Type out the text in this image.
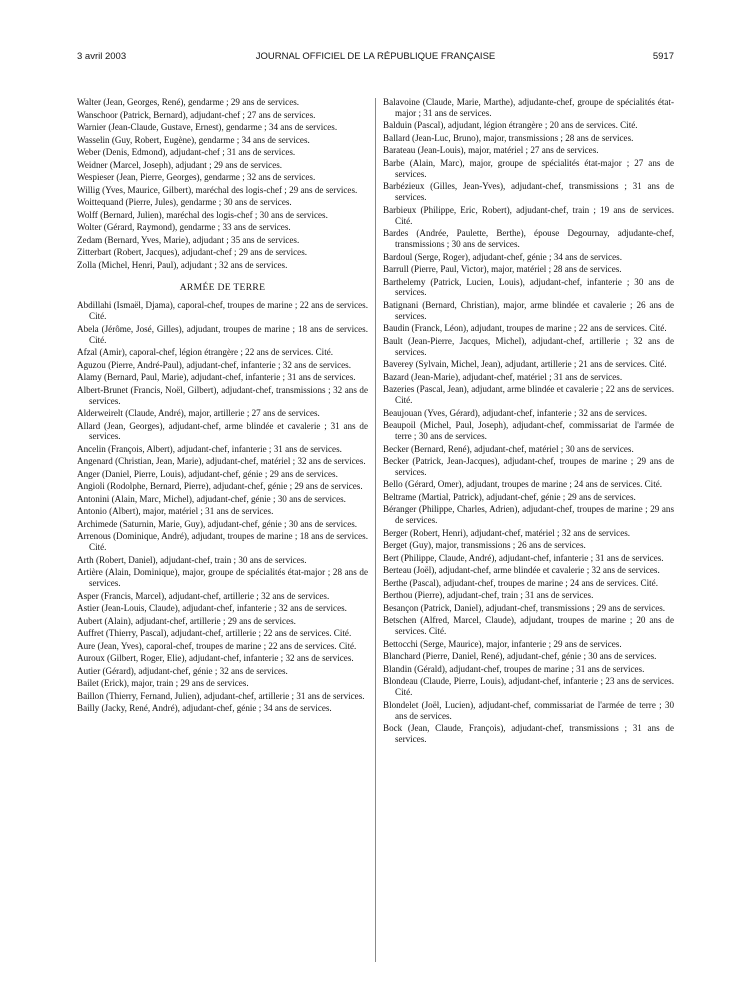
3 avril 2003	JOURNAL OFFICIEL DE LA RÉPUBLIQUE FRANÇAISE	5917

Walter (Jean, Georges, René), gendarme ; 29 ans de services.

Wanschoor (Patrick, Bernard), adjudant-chef ; 27 ans de services.

Warnier (Jean-Claude, Gustave, Ernest), gendarme ; 34 ans de services.

Wasselin (Guy, Robert, Eugène), gendarme ; 34 ans de services.

Weber (Denis, Edmond), adjudant-chef ; 31 ans de services.

Weidner (Marcel, Joseph), adjudant ; 29 ans de services.

Wespieser (Jean, Pierre, Georges), gendarme ; 32 ans de services.

Willig (Yves, Maurice, Gilbert), maréchal des logis-chef ; 29 ans de services.

Woittequand (Pierre, Jules), gendarme ; 30 ans de services.

Wolff (Bernard, Julien), maréchal des logis-chef ; 30 ans de services.

Wolter (Gérard, Raymond), gendarme ; 33 ans de services.

Zedam (Bernard, Yves, Marie), adjudant ; 35 ans de services.

Zitterbart (Robert, Jacques), adjudant-chef ; 29 ans de services.

Zolla (Michel, Henri, Paul), adjudant ; 32 ans de services.

ARMÉE DE TERRE

Abdillahi (Ismaël, Djama), caporal-chef, troupes de marine ; 22 ans de services. Cité.

Abela (Jérôme, José, Gilles), adjudant, troupes de marine ; 18 ans de services. Cité.

Afzal (Amir), caporal-chef, légion étrangère ; 22 ans de services. Cité.

Aguzou (Pierre, André-Paul), adjudant-chef, infanterie ; 32 ans de services.

Alamy (Bernard, Paul, Marie), adjudant-chef, infanterie ; 31 ans de services.

Albert-Brunet (Francis, Noël, Gilbert), adjudant-chef, transmissions ; 32 ans de services.

Alderweirelt (Claude, André), major, artillerie ; 27 ans de services.

Allard (Jean, Georges), adjudant-chef, arme blindée et cavalerie ; 31 ans de services.

Ancelin (François, Albert), adjudant-chef, infanterie ; 31 ans de services.

Angenard (Christian, Jean, Marie), adjudant-chef, matériel ; 32 ans de services.

Anger (Daniel, Pierre, Louis), adjudant-chef, génie ; 29 ans de services.

Angioli (Rodolphe, Bernard, Pierre), adjudant-chef, génie ; 29 ans de services.

Antonini (Alain, Marc, Michel), adjudant-chef, génie ; 30 ans de services.

Antonio (Albert), major, matériel ; 31 ans de services.

Archimede (Saturnin, Marie, Guy), adjudant-chef, génie ; 30 ans de services.

Arrenous (Dominique, André), adjudant, troupes de marine ; 18 ans de services. Cité.

Arth (Robert, Daniel), adjudant-chef, train ; 30 ans de services.

Artière (Alain, Dominique), major, groupe de spécialités état-major ; 28 ans de services.

Asper (Francis, Marcel), adjudant-chef, artillerie ; 32 ans de services.

Astier (Jean-Louis, Claude), adjudant-chef, infanterie ; 32 ans de services.

Aubert (Alain), adjudant-chef, artillerie ; 29 ans de services.

Auffret (Thierry, Pascal), adjudant-chef, artillerie ; 22 ans de services. Cité.

Aure (Jean, Yves), caporal-chef, troupes de marine ; 22 ans de services. Cité.

Auroux (Gilbert, Roger, Elie), adjudant-chef, infanterie ; 32 ans de services.

Autier (Gérard), adjudant-chef, génie ; 32 ans de services.

Bailet (Erick), major, train ; 29 ans de services.

Baillon (Thierry, Fernand, Julien), adjudant-chef, artillerie ; 31 ans de services.

Bailly (Jacky, René, André), adjudant-chef, génie ; 34 ans de services.

Balavoine (Claude, Marie, Marthe), adjudante-chef, groupe de spécialités état-major ; 31 ans de services.

Balduin (Pascal), adjudant, légion étrangère ; 20 ans de services. Cité.

Ballard (Jean-Luc, Bruno), major, transmissions ; 28 ans de services.

Barateau (Jean-Louis), major, matériel ; 27 ans de services.

Barbe (Alain, Marc), major, groupe de spécialités état-major ; 27 ans de services.

Barbézieux (Gilles, Jean-Yves), adjudant-chef, transmissions ; 31 ans de services.

Barbieux (Philippe, Eric, Robert), adjudant-chef, train ; 19 ans de services. Cité.

Bardes (Andrée, Paulette, Berthe), épouse Degournay, adjudante-chef, transmissions ; 30 ans de services.

Bardoul (Serge, Roger), adjudant-chef, génie ; 34 ans de services.

Barrull (Pierre, Paul, Victor), major, matériel ; 28 ans de services.

Barthelemy (Patrick, Lucien, Louis), adjudant-chef, infanterie ; 30 ans de services.

Batignani (Bernard, Christian), major, arme blindée et cavalerie ; 26 ans de services.

Baudin (Franck, Léon), adjudant, troupes de marine ; 22 ans de services. Cité.

Bault (Jean-Pierre, Jacques, Michel), adjudant-chef, artillerie ; 32 ans de services.

Baverey (Sylvain, Michel, Jean), adjudant, artillerie ; 21 ans de services. Cité.

Bazard (Jean-Marie), adjudant-chef, matériel ; 31 ans de services.

Bazeries (Pascal, Jean), adjudant, arme blindée et cavalerie ; 22 ans de services. Cité.

Beaujouan (Yves, Gérard), adjudant-chef, infanterie ; 32 ans de services.

Beaupoil (Michel, Paul, Joseph), adjudant-chef, commissariat de l'armée de terre ; 30 ans de services.

Becker (Bernard, René), adjudant-chef, matériel ; 30 ans de services.

Becker (Patrick, Jean-Jacques), adjudant-chef, troupes de marine ; 29 ans de services.

Bello (Gérard, Omer), adjudant, troupes de marine ; 24 ans de services. Cité.

Beltrame (Martial, Patrick), adjudant-chef, génie ; 29 ans de services.

Béranger (Philippe, Charles, Adrien), adjudant-chef, troupes de marine ; 29 ans de services.

Berger (Robert, Henri), adjudant-chef, matériel ; 32 ans de services.

Berget (Guy), major, transmissions ; 26 ans de services.

Bert (Philippe, Claude, André), adjudant-chef, infanterie ; 31 ans de services.

Berteau (Joël), adjudant-chef, arme blindée et cavalerie ; 32 ans de services.

Berthe (Pascal), adjudant-chef, troupes de marine ; 24 ans de services. Cité.

Berthou (Pierre), adjudant-chef, train ; 31 ans de services.

Besançon (Patrick, Daniel), adjudant-chef, transmissions ; 29 ans de services.

Betschen (Alfred, Marcel, Claude), adjudant, troupes de marine ; 20 ans de services. Cité.

Bettocchi (Serge, Maurice), major, infanterie ; 29 ans de services.

Blanchard (Pierre, Daniel, René), adjudant-chef, génie ; 30 ans de services.

Blandin (Gérald), adjudant-chef, troupes de marine ; 31 ans de services.

Blondeau (Claude, Pierre, Louis), adjudant-chef, infanterie ; 23 ans de services. Cité.

Blondelet (Joël, Lucien), adjudant-chef, commissariat de l'armée de terre ; 30 ans de services.

Bock (Jean, Claude, François), adjudant-chef, transmissions ; 31 ans de services.
